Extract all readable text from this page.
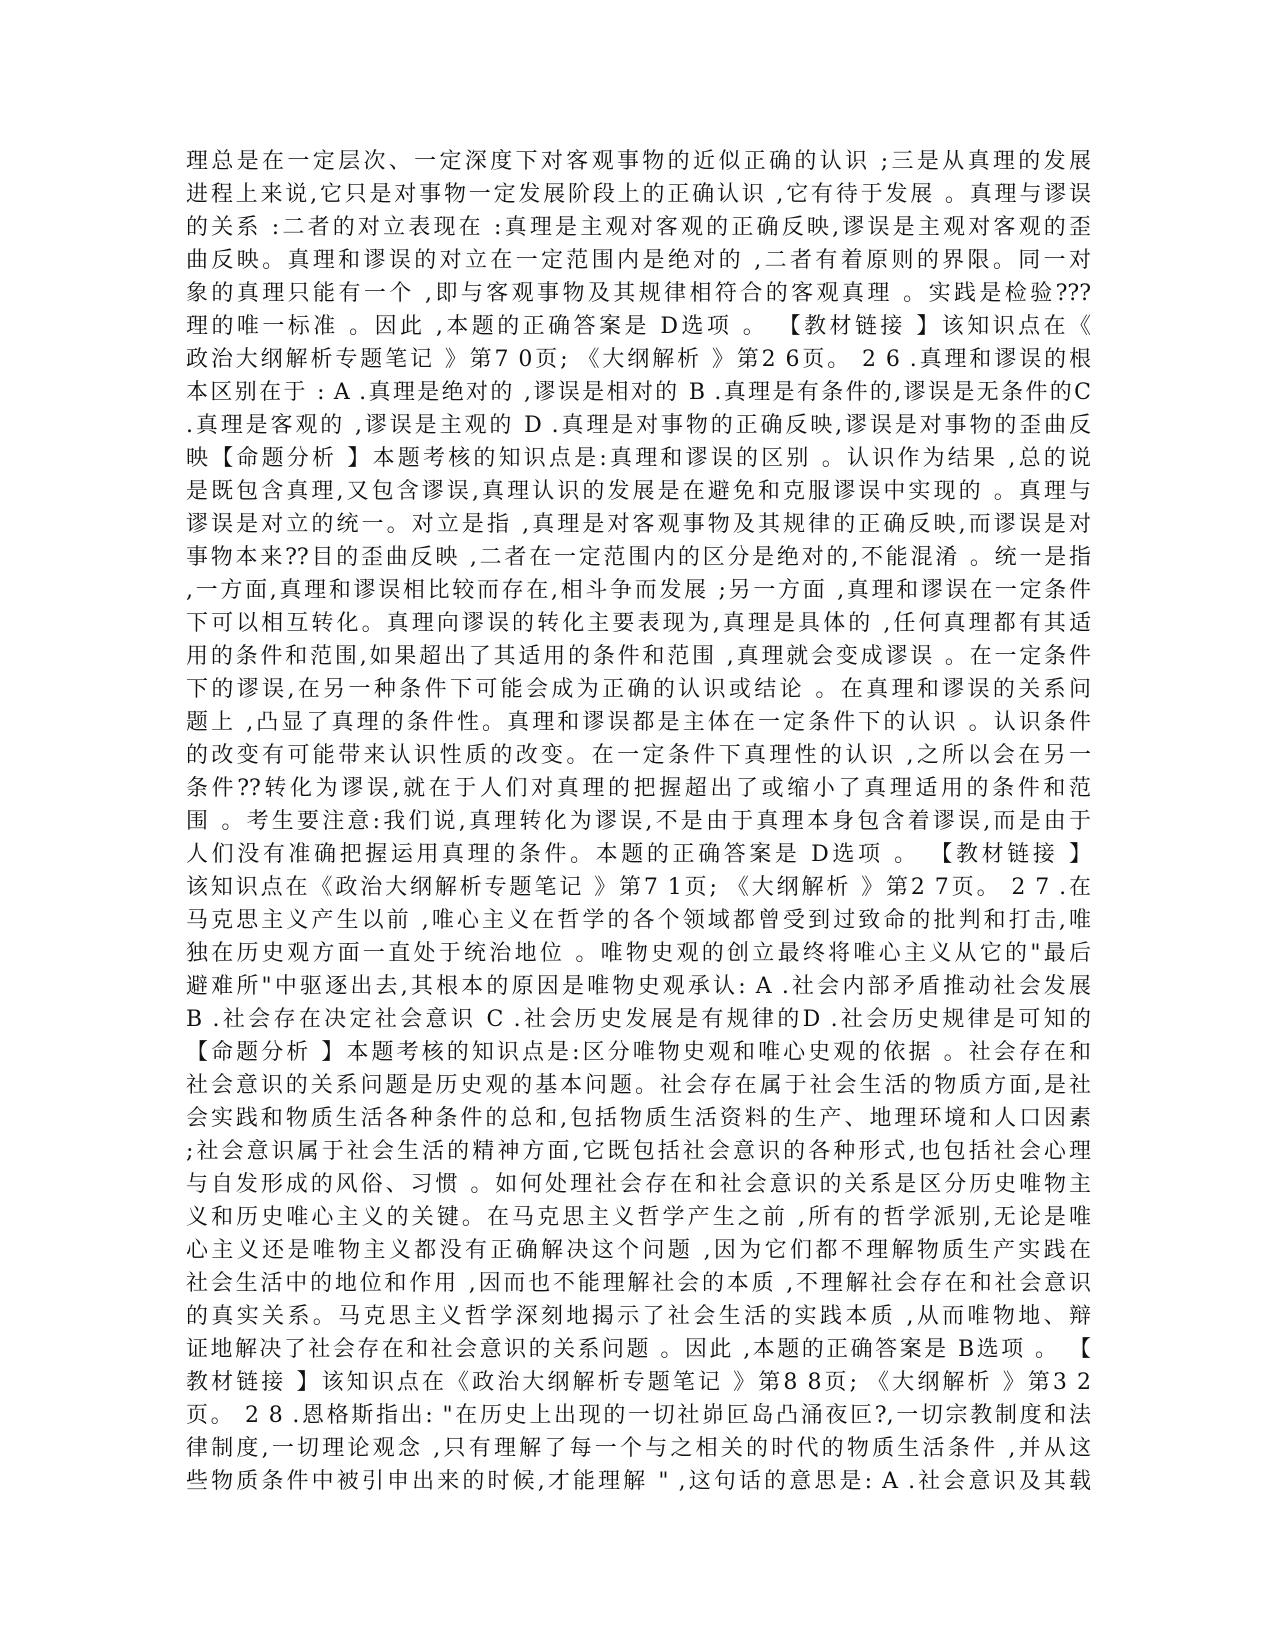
理总是在一定层次、一定深度下对客观事物的近似正确的认识 ;三是从真理的发展
进程上来说,它只是对事物一定发展阶段上的正确认识 ,它有待于发展 。真理与谬误
的关系 :二者的对立表现在 :真理是主观对客观的正确反映,谬误是主观对客观的歪
曲反映。真理和谬误的对立在一定范围内是绝对的 ,二者有着原则的界限。同一对
象的真理只能有一个 ,即与客观事物及其规律相符合的客观真理 。实践是检验???
理的唯一标准 。因此 ,本题的正确答案是 D选项 。 【教材链接 】该知识点在《
政治大纲解析专题笔记 》第7 0页; 《大纲解析 》第2 6页。 2 6 .真理和谬误的根
本区别在于 : A .真理是绝对的 ,谬误是相对的 B .真理是有条件的,谬误是无条件的C
.真理是客观的 ,谬误是主观的 D .真理是对事物的正确反映,谬误是对事物的歪曲反
映【命题分析 】本题考核的知识点是:真理和谬误的区别 。认识作为结果 ,总的说
是既包含真理,又包含谬误,真理认识的发展是在避免和克服谬误中实现的 。真理与
谬误是对立的统一。对立是指 ,真理是对客观事物及其规律的正确反映,而谬误是对
事物本来??目的歪曲反映 ,二者在一定范围内的区分是绝对的,不能混淆 。统一是指
,一方面,真理和谬误相比较而存在,相斗争而发展 ;另一方面 ,真理和谬误在一定条件
下可以相互转化。真理向谬误的转化主要表现为,真理是具体的 ,任何真理都有其适
用的条件和范围,如果超出了其适用的条件和范围 ,真理就会变成谬误 。在一定条件
下的谬误,在另一种条件下可能会成为正确的认识或结论 。在真理和谬误的关系问
题上 ,凸显了真理的条件性。真理和谬误都是主体在一定条件下的认识 。认识条件
的改变有可能带来认识性质的改变。在一定条件下真理性的认识 ,之所以会在另一
条件??转化为谬误,就在于人们对真理的把握超出了或缩小了真理适用的条件和范
围 。考生要注意:我们说,真理转化为谬误,不是由于真理本身包含着谬误,而是由于
人们没有准确把握运用真理的条件。本题的正确答案是 D选项 。 【教材链接 】
该知识点在《政治大纲解析专题笔记 》第7 1页; 《大纲解析 》第2 7页。 2 7 .在
马克思主义产生以前 ,唯心主义在哲学的各个领域都曾受到过致命的批判和打击,唯
独在历史观方面一直处于统治地位 。唯物史观的创立最终将唯心主义从它的"最后
避难所"中驱逐出去,其根本的原因是唯物史观承认: A .社会内部矛盾推动社会发展
B .社会存在决定社会意识 C .社会历史发展是有规律的D .社会历史规律是可知的
【命题分析 】本题考核的知识点是:区分唯物史观和唯心史观的依据 。社会存在和
社会意识的关系问题是历史观的基本问题。社会存在属于社会生活的物质方面,是社
会实践和物质生活各种条件的总和,包括物质生活资料的生产、地理环境和人口因素
;社会意识属于社会生活的精神方面,它既包括社会意识的各种形式,也包括社会心理
与自发形成的风俗、习惯 。如何处理社会存在和社会意识的关系是区分历史唯物主
义和历史唯心主义的关键。在马克思主义哲学产生之前 ,所有的哲学派别,无论是唯
心主义还是唯物主义都没有正确解决这个问题 ,因为它们都不理解物质生产实践在
社会生活中的地位和作用 ,因而也不能理解社会的本质 ,不理解社会存在和社会意识
的真实关系。马克思主义哲学深刻地揭示了社会生活的实践本质 ,从而唯物地、辩
证地解决了社会存在和社会意识的关系问题 。因此 ,本题的正确答案是 B选项 。 【
教材链接 】该知识点在《政治大纲解析专题笔记 》第8 8页; 《大纲解析 》第3 2
页。 2 8 .恩格斯指出: "在历史上出现的一切社峁叵岛凸涌夜叵?,一切宗教制度和法
律制度,一切理论观念 ,只有理解了每一个与之相关的时代的物质生活条件 ,并从这
些物质条件中被引申出来的时候,才能理解 " ,这句话的意思是: A .社会意识及其载
